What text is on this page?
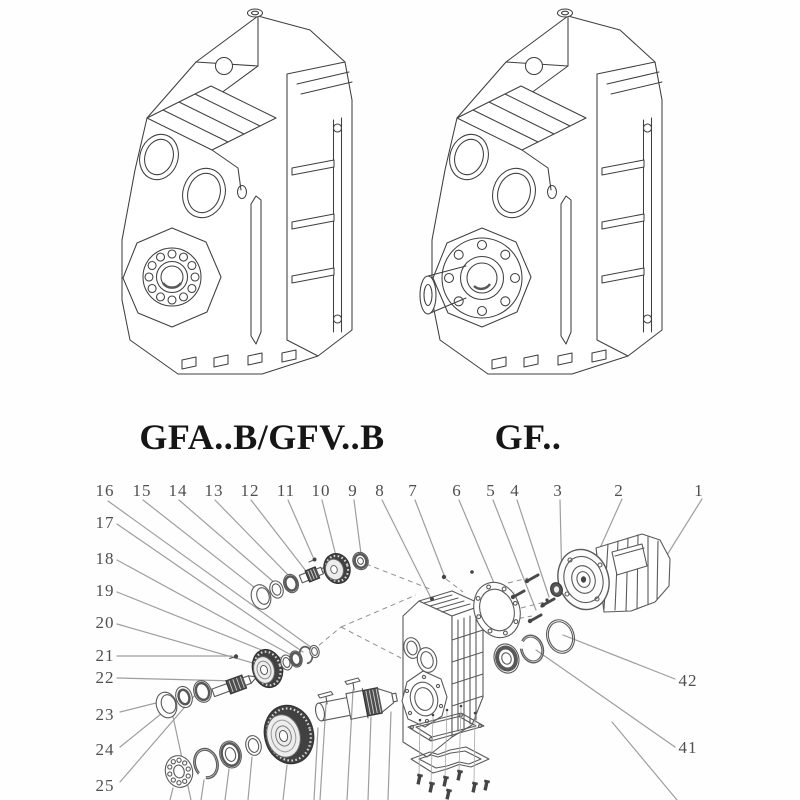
GFA..B/GFV..B	GF..
16 15 14 13 12 11 10 9 8 7 6 5 4 3	2	1
17
18
19
20
21
22
23
24
25
42
41
